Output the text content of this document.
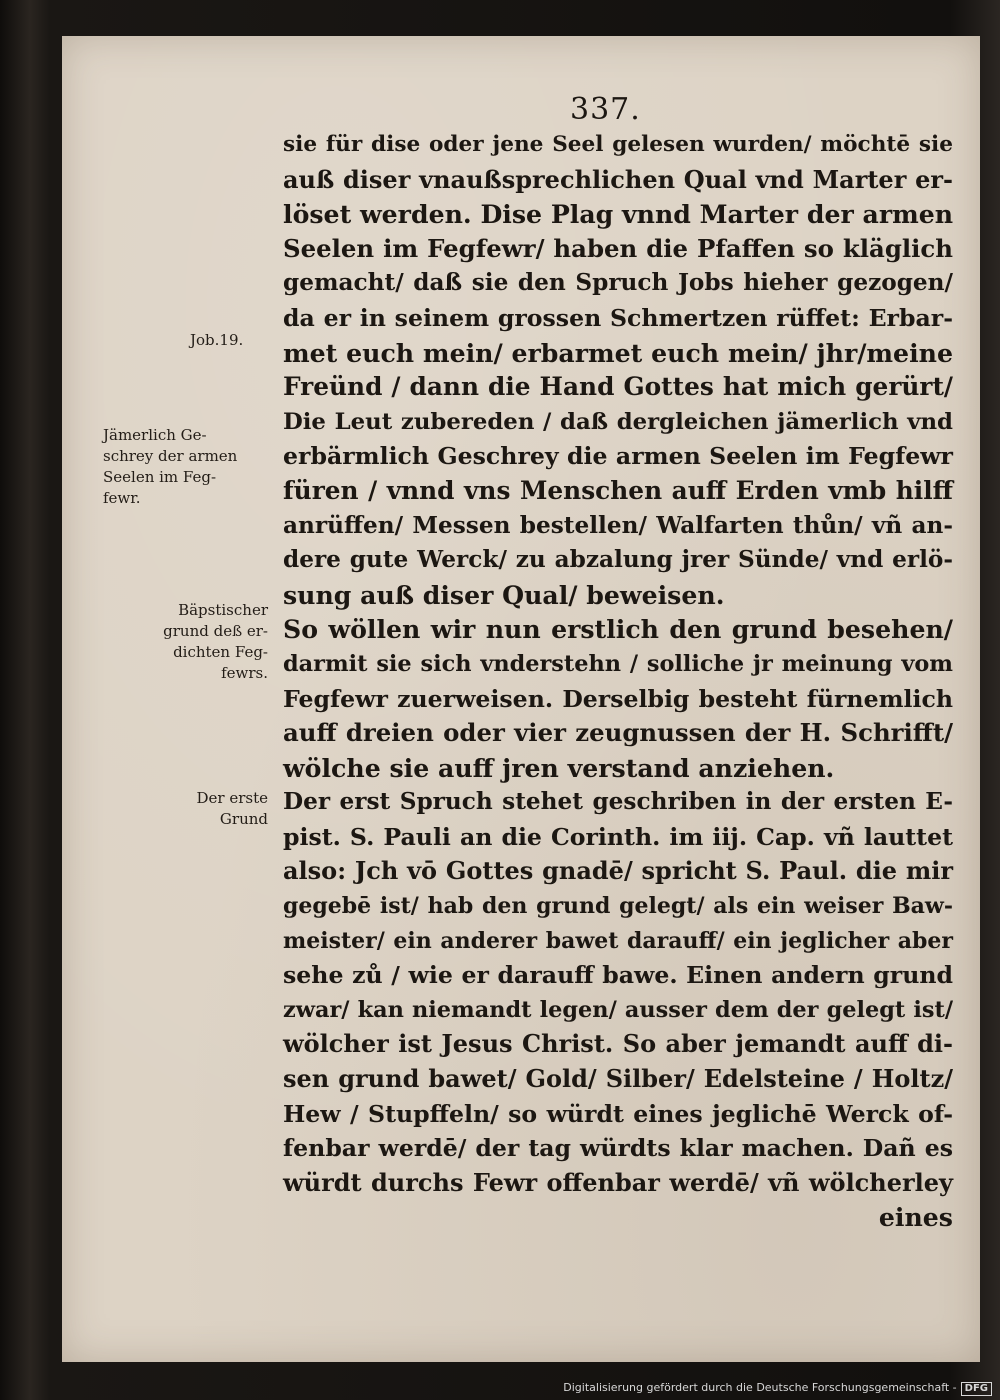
337.
Job.19.
Jämerlich Ge-
schrey der armen
Seelen im Feg-
fewr.
Bäpstischer
grund deß er-
dichten Feg-
fewrs.
Der erste
Grund
sie für dise oder jene Seel gelesen wurden/ möchtē sie
auß diser vnaußsprechlichen Qual vnd Marter er-
löset werden. Dise Plag vnnd Marter der armen
Seelen im Fegfewr/ haben die Pfaffen so kläglich
gemacht/ daß sie den Spruch Jobs hieher gezogen/
da er in seinem grossen Schmertzen rüffet: Erbar-
met euch mein/ erbarmet euch mein/ jhr/meine
Freünd / dann die Hand Gottes hat mich gerürt/
Die Leut zubereden / daß dergleichen jämerlich vnd
erbärmlich Geschrey die armen Seelen im Fegfewr
füren / vnnd vns Menschen auff Erden vmb hilff
anrüffen/ Messen bestellen/ Walfarten thůn/ vñ an-
dere gute Werck/ zu abzalung jrer Sünde/ vnd erlö-
sung auß diser Qual/ beweisen.
So wöllen wir nun erstlich den grund besehen/
darmit sie sich vnderstehn / solliche jr meinung vom
Fegfewr zuerweisen. Derselbig besteht fürnemlich
auff dreien oder vier zeugnussen der H. Schrifft/
wölche sie auff jren verstand anziehen.
Der erst Spruch stehet geschriben in der ersten E-
pist. S. Pauli an die Corinth. im iij. Cap. vñ lauttet
also: Jch vō Gottes gnadē/ spricht S. Paul. die mir
gegebē ist/ hab den grund gelegt/ als ein weiser Baw-
meister/ ein anderer bawet darauff/ ein jeglicher aber
sehe zů / wie er darauff bawe. Einen andern grund
zwar/ kan niemandt legen/ ausser dem der gelegt ist/
wölcher ist Jesus Christ. So aber jemandt auff di-
sen grund bawet/ Gold/ Silber/ Edelsteine / Holtz/
Hew / Stupffeln/ so würdt eines jeglichē Werck of-
fenbar werdē/ der tag würdts klar machen. Dañ es
würdt durchs Fewr offenbar werdē/ vñ wölcherley
eines
Digitalisierung gefördert durch die Deutsche Forschungsgemeinschaft - DFG
